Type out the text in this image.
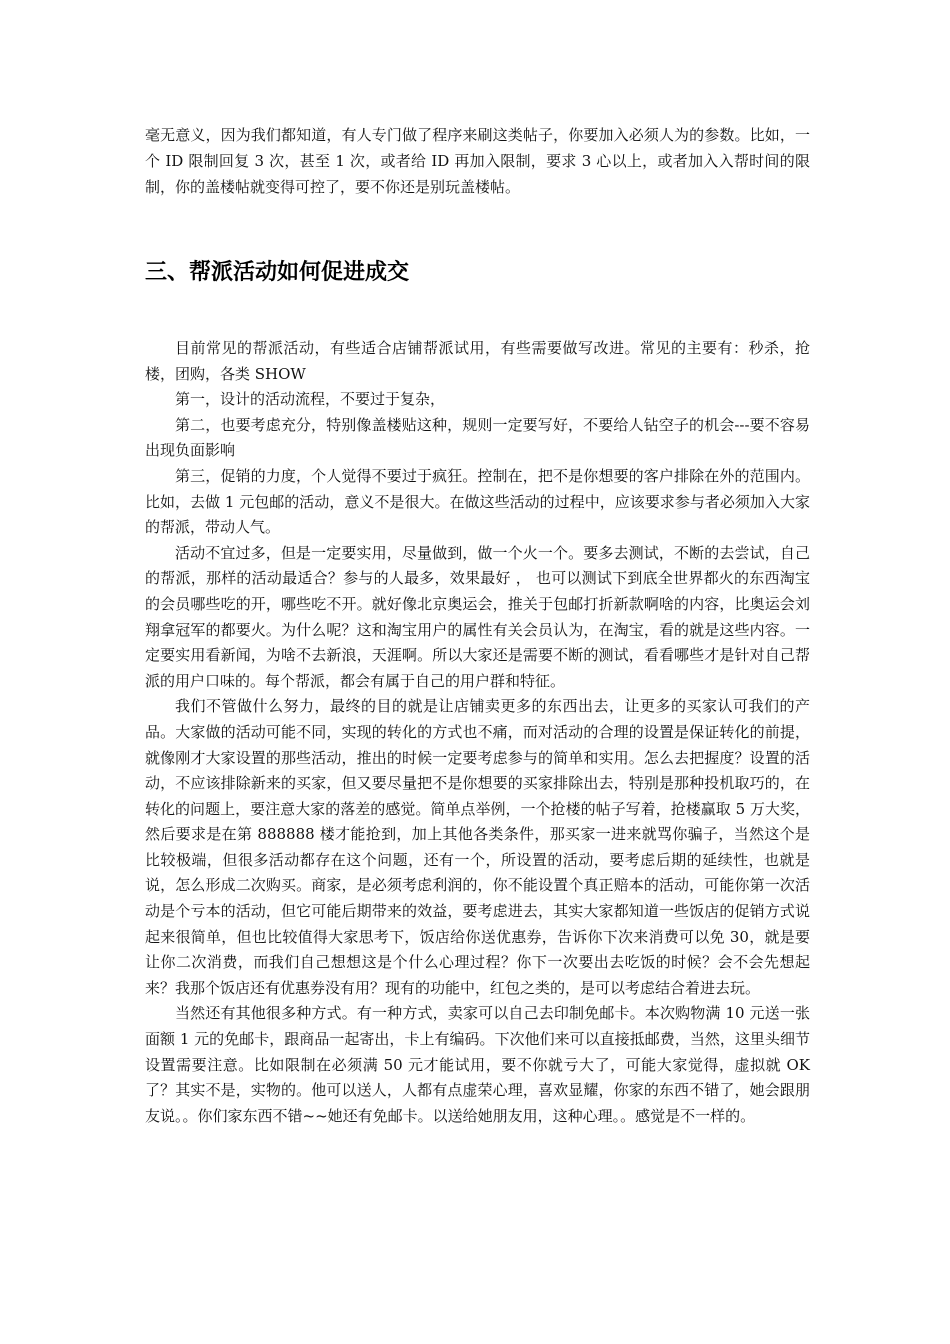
毫无意义，因为我们都知道，有人专门做了程序来刷这类帖子，你要加入必须人为的参数。比如，一个 ID 限制回复 3 次，甚至 1 次，或者给 ID 再加入限制，要求 3 心以上，或者加入入帮时间的限制，你的盖楼帖就变得可控了，要不你还是别玩盖楼帖。

三、帮派活动如何促进成交

目前常见的帮派活动，有些适合店铺帮派试用，有些需要做写改进。常见的主要有：秒杀，抢楼，团购，各类 SHOW

第一，设计的活动流程，不要过于复杂，

第二，也要考虑充分，特别像盖楼贴这种，规则一定要写好，不要给人钻空子的机会---要不容易出现负面影响

第三，促销的力度，个人觉得不要过于疯狂。控制在，把不是你想要的客户排除在外的范围内。比如，去做 1 元包邮的活动，意义不是很大。在做这些活动的过程中，应该要求参与者必须加入大家的帮派，带动人气。

活动不宜过多，但是一定要实用，尽量做到，做一个火一个。要多去测试，不断的去尝试，自己的帮派，那样的活动最适合？参与的人最多，效果最好 ， 也可以测试下到底全世界都火的东西淘宝的会员哪些吃的开，哪些吃不开。就好像北京奥运会，推关于包邮打折新款啊啥的内容，比奥运会刘翔拿冠军的都要火。为什么呢？这和淘宝用户的属性有关会员认为，在淘宝，看的就是这些内容。一定要实用看新闻，为啥不去新浪，天涯啊。所以大家还是需要不断的测试，看看哪些才是针对自己帮派的用户口味的。每个帮派，都会有属于自己的用户群和特征。

我们不管做什么努力，最终的目的就是让店铺卖更多的东西出去，让更多的买家认可我们的产品。大家做的活动可能不同，实现的转化的方式也不痛，而对活动的合理的设置是保证转化的前提，就像刚才大家设置的那些活动，推出的时候一定要考虑参与的简单和实用。怎么去把握度？设置的活动，不应该排除新来的买家，但又要尽量把不是你想要的买家排除出去，特别是那种投机取巧的，在转化的问题上，要注意大家的落差的感觉。简单点举例，一个抢楼的帖子写着，抢楼赢取 5 万大奖，然后要求是在第 888888 楼才能抢到，加上其他各类条件，那买家一进来就骂你骗子，当然这个是比较极端，但很多活动都存在这个问题，还有一个，所设置的活动，要考虑后期的延续性，也就是说，怎么形成二次购买。商家，是必须考虑利润的，你不能设置个真正赔本的活动，可能你第一次活动是个亏本的活动，但它可能后期带来的效益，要考虑进去，其实大家都知道一些饭店的促销方式说起来很简单，但也比较值得大家思考下，饭店给你送优惠券，告诉你下次来消费可以免 30，就是要让你二次消费，而我们自己想想这是个什么心理过程？你下一次要出去吃饭的时候？会不会先想起来？我那个饭店还有优惠券没有用？现有的功能中，红包之类的，是可以考虑结合着进去玩。

当然还有其他很多种方式。有一种方式，卖家可以自己去印制免邮卡。本次购物满 10 元送一张面额 1 元的免邮卡，跟商品一起寄出，卡上有编码。下次他们来可以直接抵邮费，当然，这里头细节设置需要注意。比如限制在必须满 50 元才能试用，要不你就亏大了，可能大家觉得，虚拟就 OK 了？其实不是，实物的。他可以送人，人都有点虚荣心理，喜欢显耀，你家的东西不错了，她会跟朋友说。。你们家东西不错~~她还有免邮卡。以送给她朋友用，这种心理。。感觉是不一样的。
